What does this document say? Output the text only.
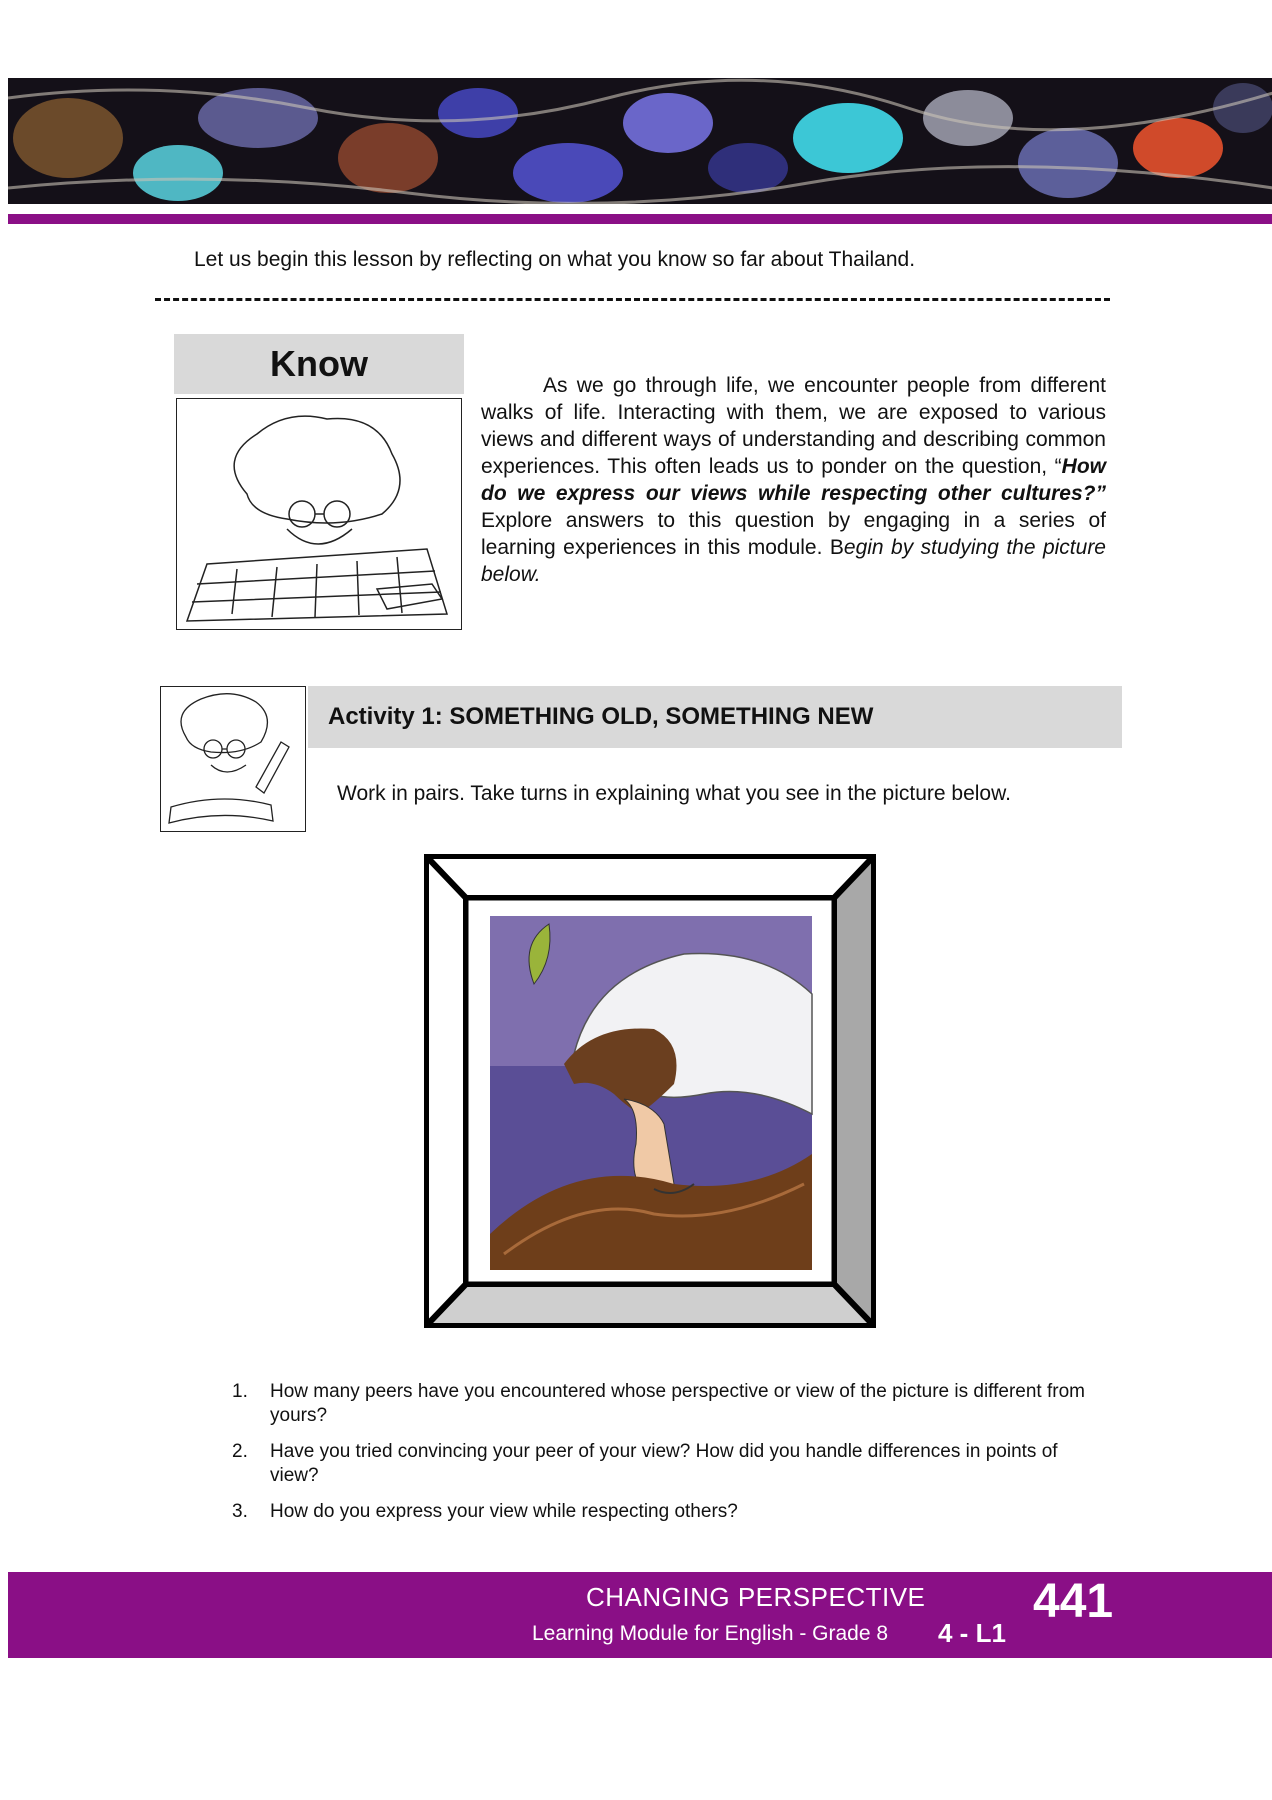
Let us begin this lesson by reflecting on what you know so far about Thailand.
Know
As we go through life, we encounter people from different walks of life. Interacting with them, we are exposed to various views and different ways of understanding and describing common experiences. This often leads us to ponder on the question, “How do we express our views while respecting other cultures?” Explore answers to this question by engaging in a series of learning experiences in this module. Begin by studying the picture below.
Activity 1: SOMETHING OLD, SOMETHING NEW
Work in pairs. Take turns in explaining what you see in the picture below.
1.	How many peers have you encountered whose perspective or view of the picture is different from yours?
2.	Have you tried convincing your peer of your view? How did you handle differences in points of view?
3.	How do you express your view while respecting others?
CHANGING PERSPECTIVE
Learning Module for English - Grade 8 4 - L1
441
